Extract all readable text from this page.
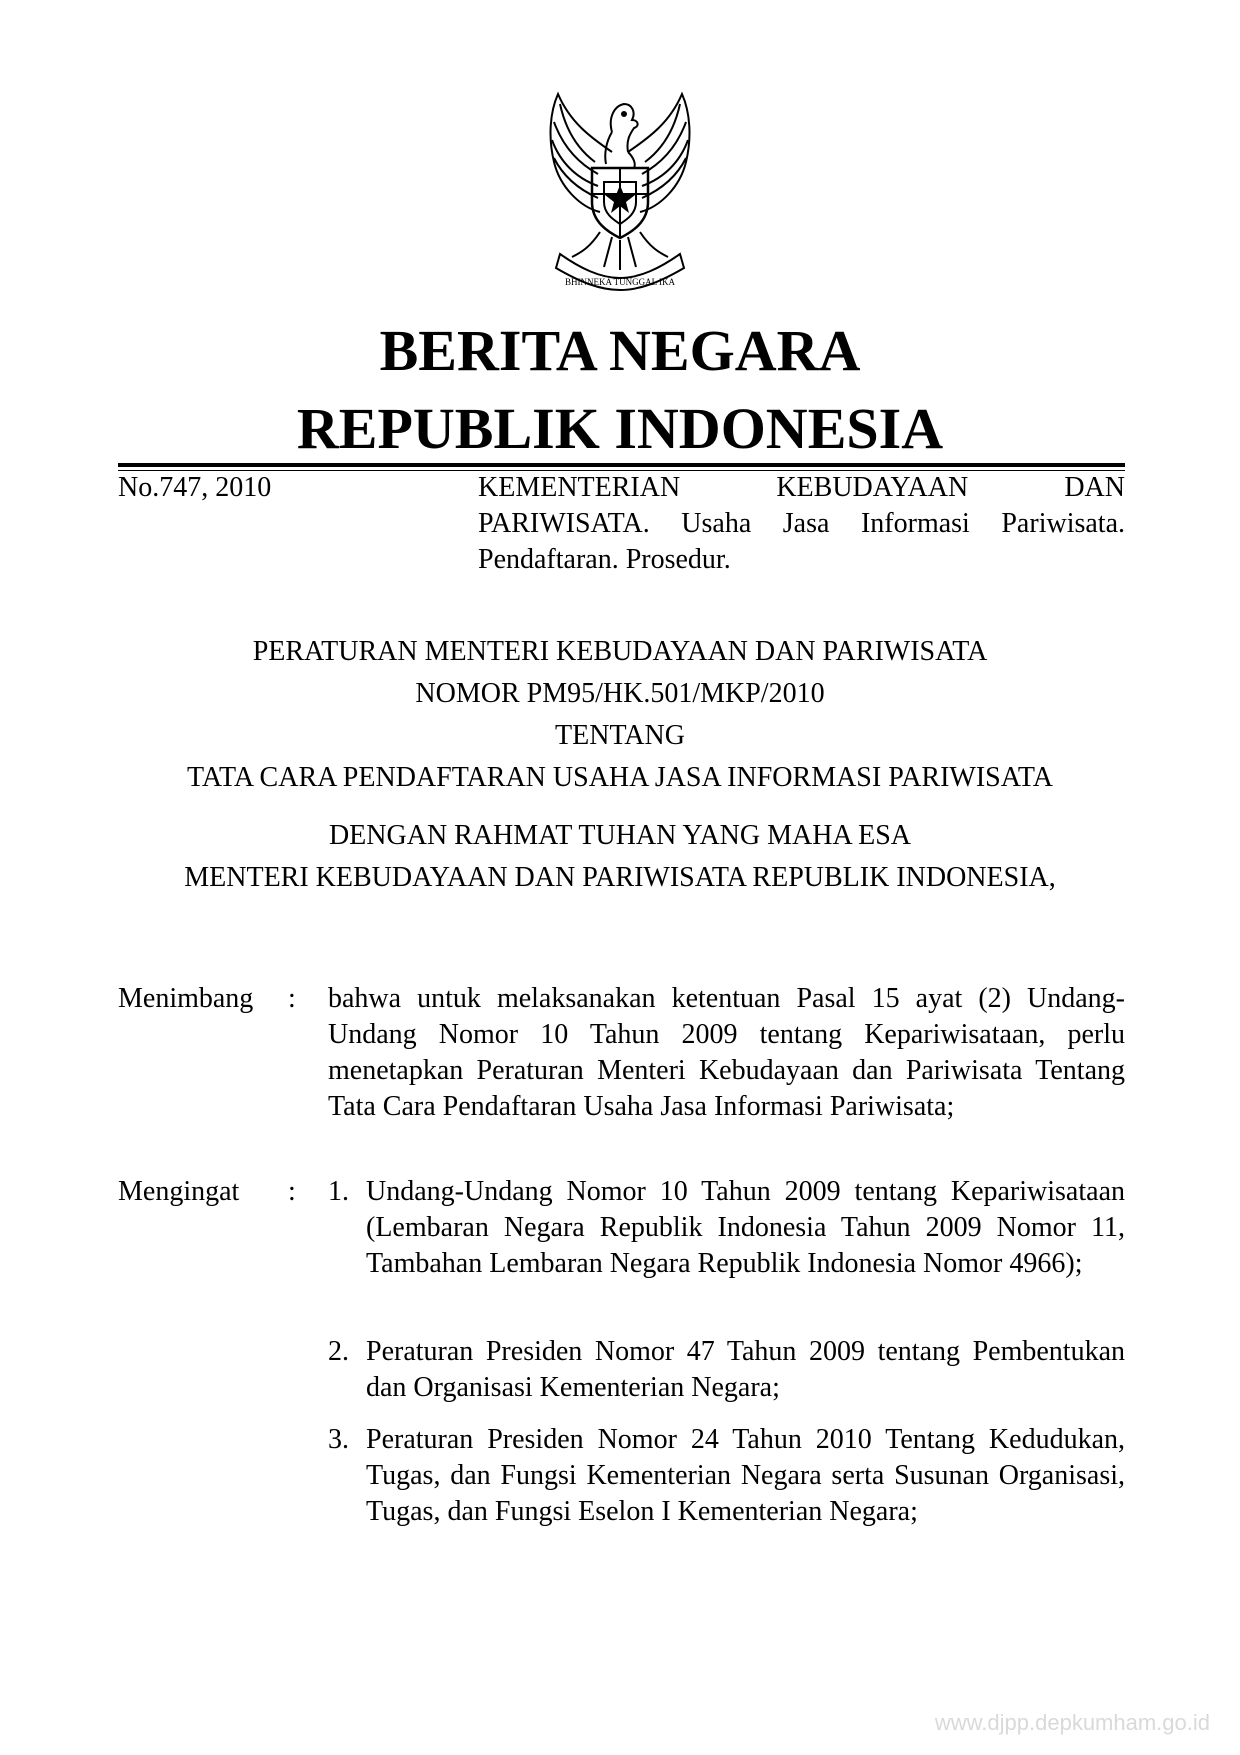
BHINNEKA TUNGGAL IKA
BERITA NEGARA
REPUBLIK INDONESIA
No.747, 2010	KEMENTERIAN KEBUDAYAAN DAN
PARIWISATA. Usaha Jasa Informasi Pariwisata. Pendaftaran. Prosedur.
PERATURAN MENTERI KEBUDAYAAN DAN PARIWISATA
NOMOR PM95/HK.501/MKP/2010
TENTANG
TATA CARA PENDAFTARAN USAHA JASA INFORMASI PARIWISATA
DENGAN RAHMAT TUHAN YANG MAHA ESA
MENTERI KEBUDAYAAN DAN PARIWISATA REPUBLIK INDONESIA,
Menimbang : bahwa untuk melaksanakan ketentuan Pasal 15 ayat (2) Undang-Undang Nomor 10 Tahun 2009 tentang Kepariwisataan, perlu menetapkan Peraturan Menteri Kebudayaan dan Pariwisata Tentang Tata Cara Pendaftaran Usaha Jasa Informasi Pariwisata;
Mengingat : 1. Undang-Undang Nomor 10 Tahun 2009 tentang Kepariwisataan (Lembaran Negara Republik Indonesia Tahun 2009 Nomor 11, Tambahan Lembaran Negara Republik Indonesia Nomor 4966);
2. Peraturan Presiden Nomor 47 Tahun 2009 tentang Pembentukan dan Organisasi Kementerian Negara;
3. Peraturan Presiden Nomor 24 Tahun 2010 Tentang Kedudukan, Tugas, dan Fungsi Kementerian Negara serta Susunan Organisasi, Tugas, dan Fungsi Eselon I Kementerian Negara;
www.djpp.depkumham.go.id
